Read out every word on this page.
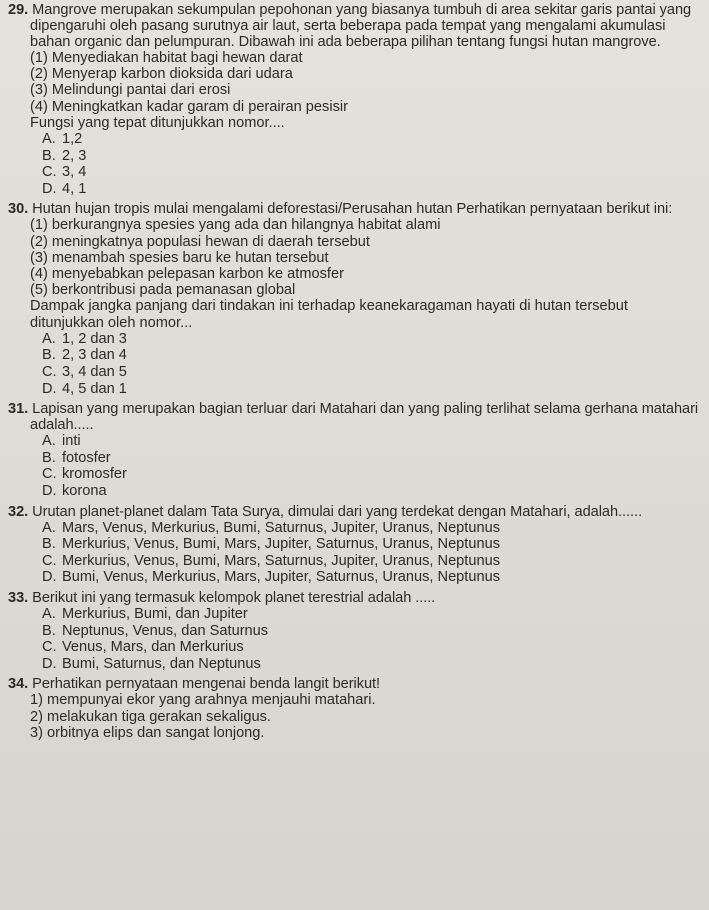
29. Mangrove merupakan sekumpulan pepohonan yang biasanya tumbuh di area sekitar garis pantai yang dipengaruhi oleh pasang surutnya air laut, serta beberapa pada tempat yang mengalami akumulasi bahan organic dan pelumpuran. Dibawah ini ada beberapa pilihan tentang fungsi hutan mangrove.

(1) Menyediakan habitat bagi hewan darat

(2) Menyerap karbon dioksida dari udara

(3) Melindungi pantai dari erosi

(4) Meningkatkan kadar garam di perairan pesisir

Fungsi yang tepat ditunjukkan nomor....

A. 1,2

B. 2, 3

C. 3, 4

D. 4, 1

30. Hutan hujan tropis mulai mengalami deforestasi/Perusahan hutan Perhatikan pernyataan berikut ini:

(1) berkurangnya spesies yang ada dan hilangnya habitat alami

(2) meningkatnya populasi hewan di daerah tersebut

(3) menambah spesies baru ke hutan tersebut

(4) menyebabkan pelepasan karbon ke atmosfer

(5) berkontribusi pada pemanasan global

Dampak jangka panjang dari tindakan ini terhadap keanekaragaman hayati di hutan tersebut ditunjukkan oleh nomor...

A. 1, 2 dan 3

B. 2, 3 dan 4

C. 3, 4 dan 5

D. 4, 5 dan 1

31. Lapisan yang merupakan bagian terluar dari Matahari dan yang paling terlihat selama gerhana matahari adalah.....

A. inti

B. fotosfer

C. kromosfer

D. korona

32. Urutan planet-planet dalam Tata Surya, dimulai dari yang terdekat dengan Matahari, adalah......

A. Mars, Venus, Merkurius, Bumi, Saturnus, Jupiter, Uranus, Neptunus

B. Merkurius, Venus, Bumi, Mars, Jupiter, Saturnus, Uranus, Neptunus

C. Merkurius, Venus, Bumi, Mars, Saturnus, Jupiter, Uranus, Neptunus

D. Bumi, Venus, Merkurius, Mars, Jupiter, Saturnus, Uranus, Neptunus

33. Berikut ini yang termasuk kelompok planet terestrial adalah .....

A. Merkurius, Bumi, dan Jupiter

B. Neptunus, Venus, dan Saturnus

C. Venus, Mars, dan Merkurius

D. Bumi, Saturnus, dan Neptunus

34. Perhatikan pernyataan mengenai benda langit berikut!

1) mempunyai ekor yang arahnya menjauhi matahari.

2) melakukan tiga gerakan sekaligus.

3) orbitnya elips dan sangat lonjong.
